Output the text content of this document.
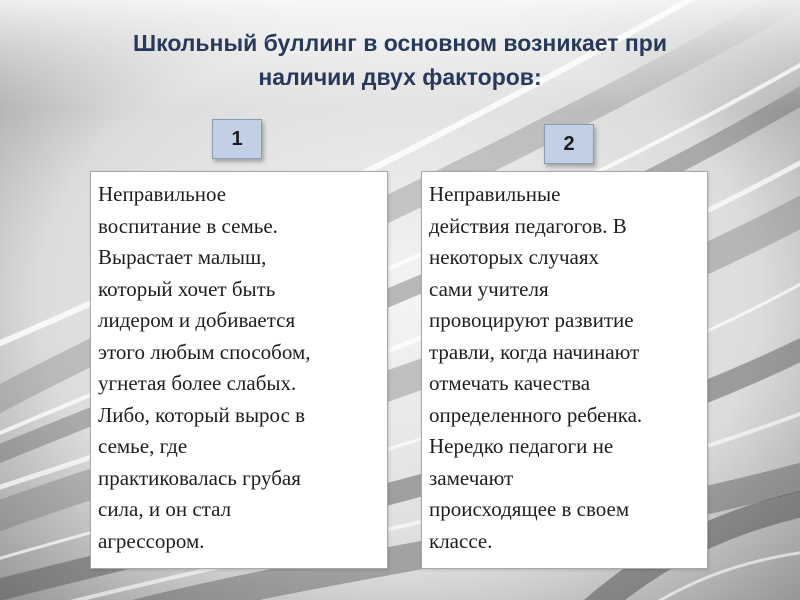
Школьный буллинг в основном возникает при
наличии двух факторов:
1	2
Неправильное
воспитание в семье.
Вырастает малыш,
который хочет быть
лидером и добивается
этого любым способом,
угнетая более слабых.
Либо, который вырос в
семье, где
практиковалась грубая
сила, и он стал
агрессором.
Неправильные
действия педагогов. В
некоторых случаях
сами учителя
провоцируют развитие
травли, когда начинают
отмечать качества
определенного ребенка.
Нередко педагоги не
замечают
происходящее в своем
классе.
